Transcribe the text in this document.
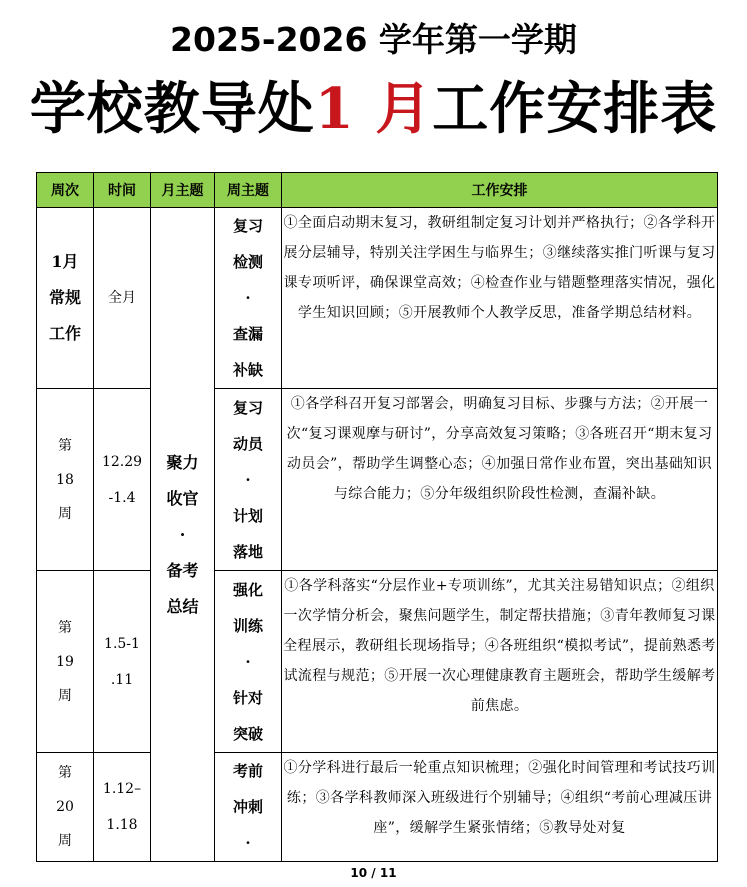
2025-2026 学年第一学期
学校教导处1 月工作安排表
周次	时间	月主题	周主题	工作安排

1月
常规
工作	全月	聚力
收官
·
备考
总结	复习
检测
·
查漏
补缺	①全面启动期末复习，教研组制定复习计划并严格执行；②各学科开展分层辅导，特别关注学困生与临界生；③继续落实推门听课与复习课专项听评，确保课堂高效；④检查作业与错题整理落实情况，强化学生知识回顾；⑤开展教师个人教学反思，准备学期总结材料。

第
18
周	12.29
-1.4		复习
动员
·
计划
落地	①各学科召开复习部署会，明确复习目标、步骤与方法；②开展一次“复习课观摩与研讨”，分享高效复习策略；③各班召开“期末复习动员会”，帮助学生调整心态；④加强日常作业布置，突出基础知识与综合能力；⑤分年级组织阶段性检测，查漏补缺。

第
19
周	1.5-1
.11		强化
训练
·
针对
突破	①各学科落实“分层作业+专项训练”，尤其关注易错知识点；②组织一次学情分析会，聚焦问题学生，制定帮扶措施；③青年教师复习课全程展示，教研组长现场指导；④各班组织“模拟考试”，提前熟悉考试流程与规范；⑤开展一次心理健康教育主题班会，帮助学生缓解考前焦虑。

第
20
周	1.12–
1.18		考前
冲刺
·	①分学科进行最后一轮重点知识梳理；②强化时间管理和考试技巧训练；③各学科教师深入班级进行个别辅导；④组织“考前心理减压讲座”，缓解学生紧张情绪；⑤教导处对复
10 / 11
